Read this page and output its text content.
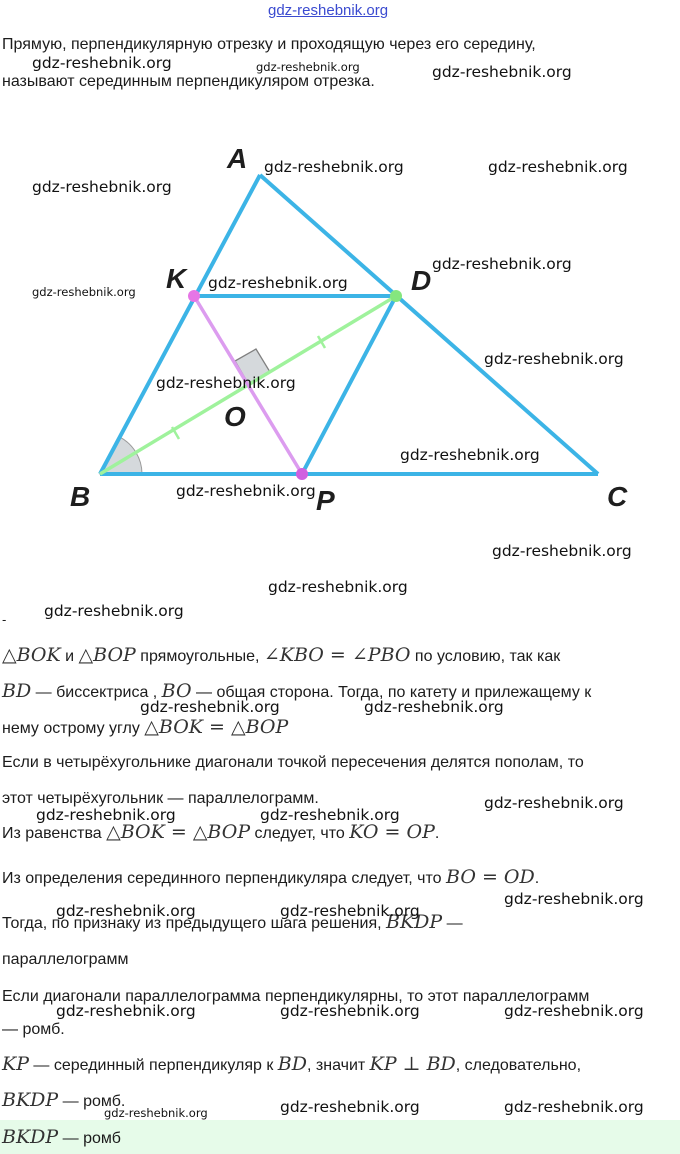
gdz-reshebnik.org
Прямую, перпендикулярную отрезку и проходящую через его середину,
называют серединным перпендикуляром отрезка.
A
B	C
D
K
O
P
-
△BOK и △BOP прямоугольные, ∠KBO = ∠PBO по условию, так как
BD — биссектриса , BO — общая сторона. Тогда, по катету и прилежащему к
нему острому углу △BOK = △BOP
Если в четырёхугольнике диагонали точкой пересечения делятся пополам, то
этот четырёхугольник — параллелограмм.
Из равенства △BOK = △BOP следует, что KO = OP.
Из определения серединного перпендикуляра следует, что BO = OD.
Тогда, по признаку из предыдущего шага решения, BKDP —
параллелограмм
Если диагонали параллелограмма перпендикулярны, то этот параллелограмм
— ромб.
KP — серединный перпендикуляр к BD, значит KP ⊥ BD, следовательно,
BKDP — ромб.
BKDP — ромб
gdz-reshebnik.org	gdz-reshebnik.org	gdz-reshebnik.org
gdz-reshebnik.org	gdz-reshebnik.org
gdz-reshebnik.org
gdz-reshebnik.org
gdz-reshebnik.org
gdz-reshebnik.org
gdz-reshebnik.org
gdz-reshebnik.org
gdz-reshebnik.org
gdz-reshebnik.org
gdz-reshebnik.org
gdz-reshebnik.org
gdz-reshebnik.org
gdz-reshebnik.org	gdz-reshebnik.org
gdz-reshebnik.org
gdz-reshebnik.org	gdz-reshebnik.org
gdz-reshebnik.org
gdz-reshebnik.org	gdz-reshebnik.org
gdz-reshebnik.org	gdz-reshebnik.org	gdz-reshebnik.org
gdz-reshebnik.org	gdz-reshebnik.org
gdz-reshebnik.org
